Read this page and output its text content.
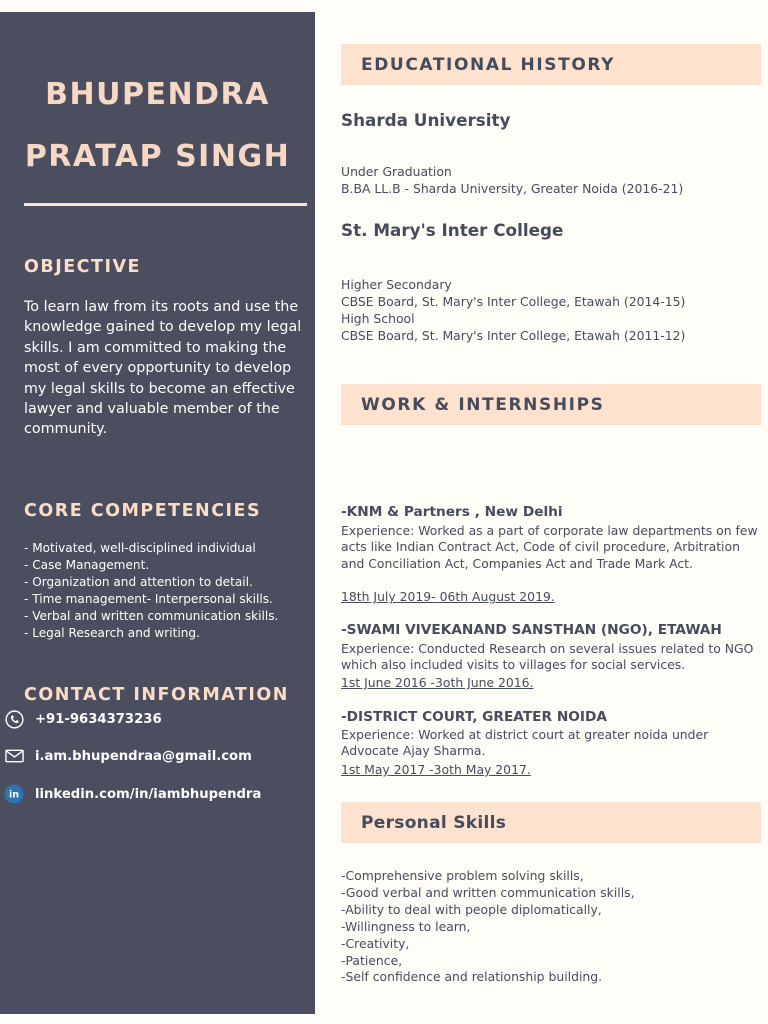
BHUPENDRA
PRATAP SINGH
OBJECTIVE

To learn law from its roots and use the knowledge gained to develop my legal skills. I am committed to making the most of every opportunity to develop my legal skills to become an effective lawyer and valuable member of the community.

CORE COMPETENCIES
- Motivated, well-disciplined individual
- Case Management.
- Organization and attention to detail.
- Time management- Interpersonal skills.
- Verbal and written communication skills.
- Legal Research and writing.
CONTACT INFORMATION
+91-9634373236
i.am.bhupendraa@gmail.com
in linkedin.com/in/iambhupendra
EDUCATIONAL HISTORY
Sharda University
Under Graduation
B.BA LL.B - Sharda University, Greater Noida (2016-21)
St. Mary's Inter College
Higher Secondary
CBSE Board, St. Mary's Inter College, Etawah (2014-15)
High School
CBSE Board, St. Mary's Inter College, Etawah (2011-12)
WORK & INTERNSHIPS
-KNM & Partners , New Delhi
Experience: Worked as a part of corporate law departments on few acts like Indian Contract Act, Code of civil procedure, Arbitration and Conciliation Act, Companies Act and Trade Mark Act.
18th July 2019- 06th August 2019.
-SWAMI VIVEKANAND SANSTHAN (NGO), ETAWAH
Experience: Conducted Research on several issues related to NGO which also included visits to villages for social services.
1st June 2016 -3oth June 2016.
-DISTRICT COURT, GREATER NOIDA
Experience: Worked at district court at greater noida under Advocate Ajay Sharma.
1st May 2017 -3oth May 2017.
Personal Skills
-Comprehensive problem solving skills,
-Good verbal and written communication skills,
-Ability to deal with people diplomatically,
-Willingness to learn,
-Creativity,
-Patience,
-Self confidence and relationship building.
